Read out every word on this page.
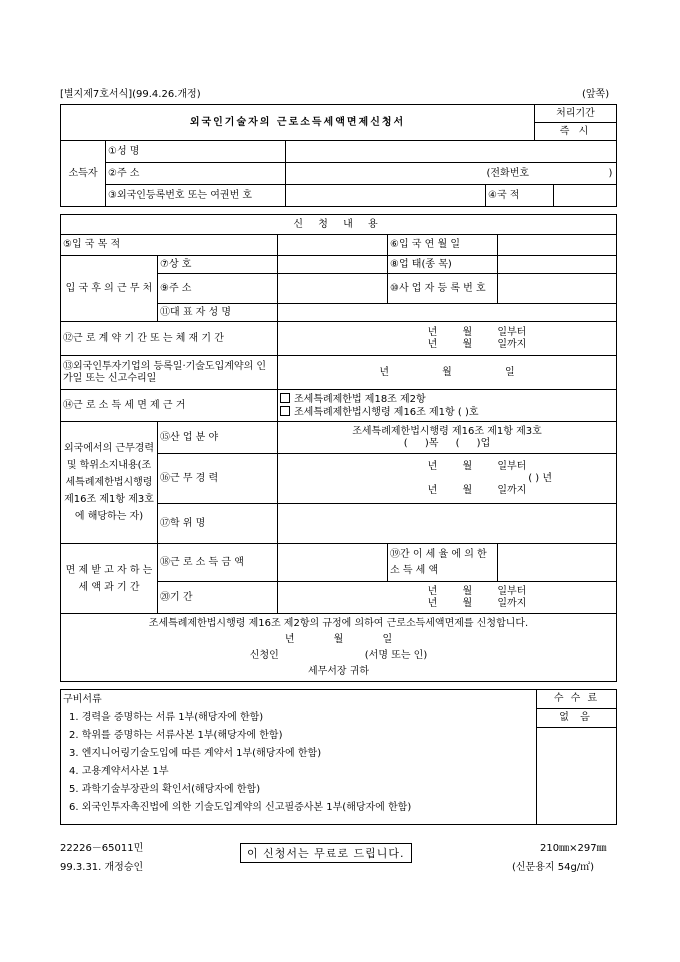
[별지제7호서식](99.4.26.개정)	(앞쪽)
외국인기술자의 근로소득세액면제신청서	처리기간
즉 시
소득자	①성 명			
	②주 소	(전화번호 )		

	③외국인등록번호 또는 여권번 호		④국 적	
신 청 내 용				
⑤입 국 목 적			⑥입 국 연 월 일	
입 국 후 의 근 무 처	⑦상 호		⑧업 태(종 목)	
	⑨주 소		⑩사 업 자 등 록 번 호	
	⑪대 표 자 성 명			
⑫근 로 계 약 기 간 또 는 체 재 기 간		년 월 일부터
년 월 일까지		

⑬외국인투자기업의 등록일·기술도입계약의 인가일 또는 신고수리일		년 월 일		
⑭근 로 소 득 세 면 제 근 거		조세특례제한법 제18조 제2항
조세특례제한법시행령 제16조 제1항 ( )호		

외국에서의 근무경력 및 학위소지내용(조세특례제한법시행령 제16조 제1항 제3호에 해당하는 자)	⑮산 업 분 야	조세특례제한법시행령 제16조 제1항 제3호
( )목 ( )업		

	⑯근 무 경 력	년 월 일부터
( ) 년
년 월 일까지		

	⑰학 위 명			
면 제 받 고 자 하 는 세 액 과 기 간	⑱근 로 소 득 금 액		⑲간 이 세 율 에 의 한 소 득 세 액	
	⑳기 간	년 월 일부터
년 월 일까지		

조세특례제한법시행령 제16조 제2항의 규정에 의하여 근로소득세액면제를 신청합니다.
년 월 일
신청인 (서명 또는 인)
세무서장 귀하				
구비서류
1. 경력을 증명하는 서류 1부(해당자에 한함)
2. 학위를 증명하는 서류사본 1부(해당자에 한함)
3. 엔지니어링기술도입에 따른 계약서 1부(해당자에 한함)
4. 고용계약서사본 1부
5. 과학기술부장관의 확인서(해당자에 한함)
6. 외국인투자촉진법에 의한 기술도입계약의 신고필증사본 1부(해당자에 한함)

수 수 료
없 음
22226－65011민
99.3.31. 개정승인
이 신청서는 무료로 드립니다.	210㎜×297㎜
(신문용지 54g/㎡)
